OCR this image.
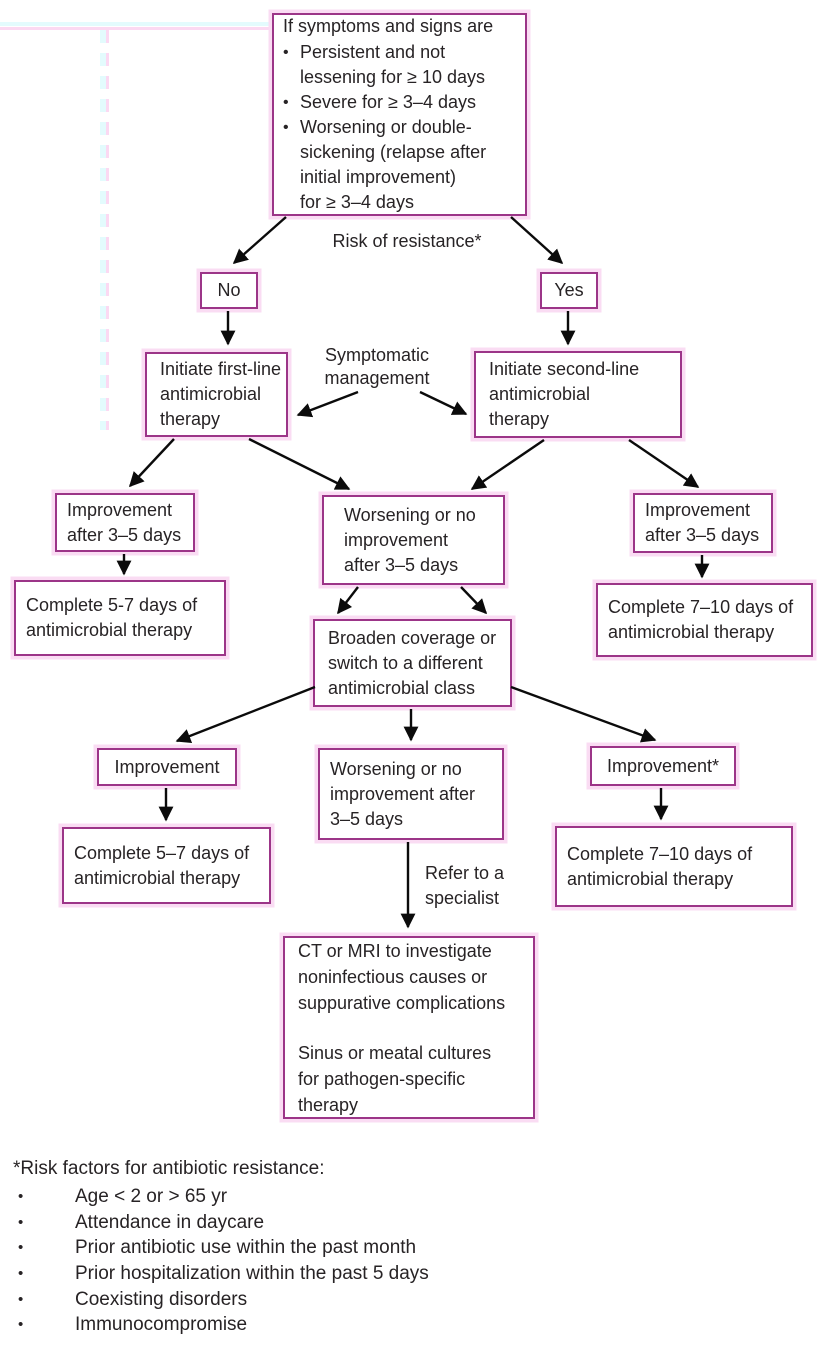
If symptoms and signs are
• Persistent and not
lessening for ≥ 10 days
• Severe for ≥ 3–4 days
• Worsening or double-
sickening (relapse after
initial improvement)
for ≥ 3–4 days
Risk of resistance*
Symptomatic
management
Refer to a
specialist
No	Yes
Initiate first-line
antimicrobial
therapy
Initiate second-line
antimicrobial
therapy
Improvement
after 3–5 days
Worsening or no
improvement
after 3–5 days
Improvement
after 3–5 days
Complete 5-7 days of
antimicrobial therapy
Complete 7–10 days of
antimicrobial therapy
Broaden coverage or
switch to a different
antimicrobial class
Improvement	Worsening or no
improvement after
3–5 days
Improvement*
Complete 5–7 days of
antimicrobial therapy
Complete 7–10 days of
antimicrobial therapy
CT or MRI to investigate
noninfectious causes or
suppurative complications
Sinus or meatal cultures
for pathogen-specific
therapy
*Risk factors for antibiotic resistance:
•	Age < 2 or > 65 yr
•	Attendance in daycare
•	Prior antibiotic use within the past month
•	Prior hospitalization within the past 5 days
•	Coexisting disorders
•	Immunocompromise
